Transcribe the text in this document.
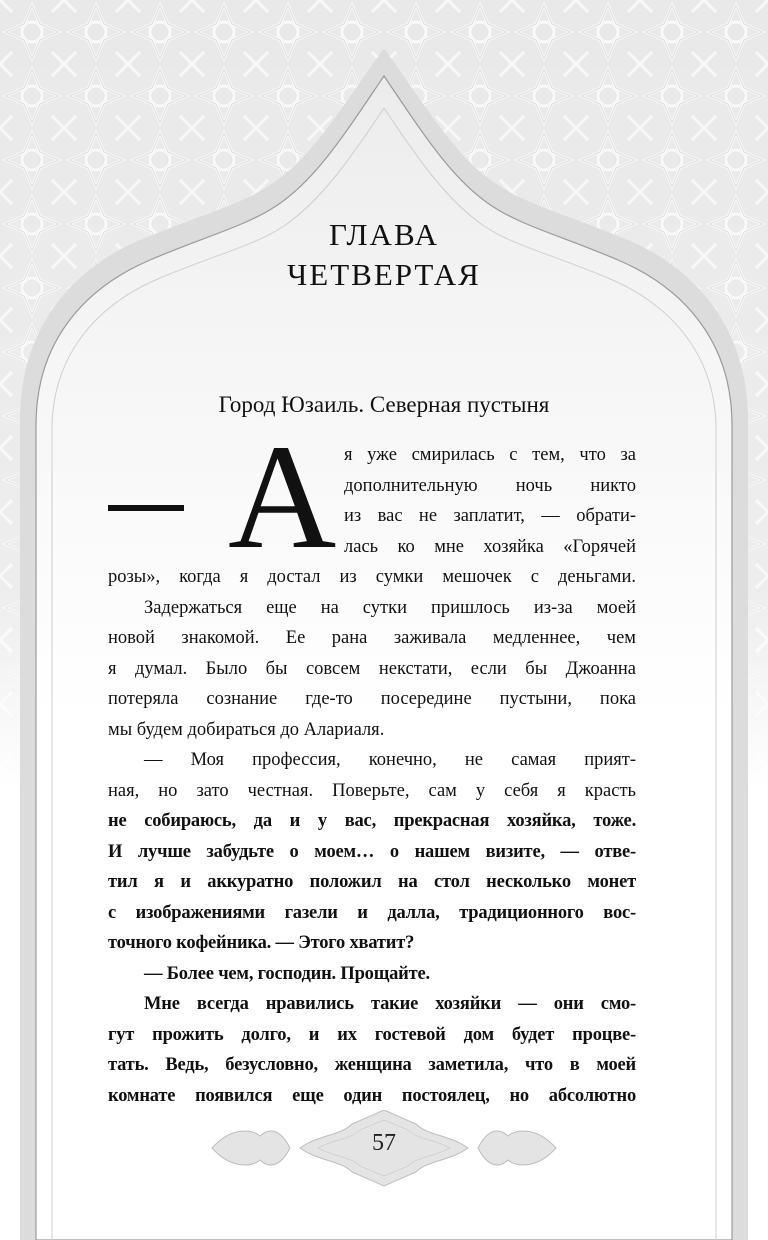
ГЛАВА
ЧЕТВЕРТАЯ
Город Юзаиль. Северная пустыня
А я уже смирилась с тем, что за
дополнительную ночь никто
из вас не заплатит, — обрати-
лась ко мне хозяйка «Горячей
розы», когда я достал из сумки мешочек с деньгами.
Задержаться еще на сутки пришлось из-за моей
новой знакомой. Ее рана заживала медленнее, чем
я думал. Было бы совсем некстати, если бы Джоанна
потеряла сознание где-то посередине пустыни, пока
мы будем добираться до Алариаля.
— Моя профессия, конечно, не самая прият-
ная, но зато честная. Поверьте, сам у себя я красть
не собираюсь, да и у вас, прекрасная хозяйка, тоже.
И лучше забудьте о моем… о нашем визите, — отве-
тил я и аккуратно положил на стол несколько монет
с изображениями газели и далла, традиционного вос-
точного кофейника. — Этого хватит?
— Более чем, господин. Прощайте.
Мне всегда нравились такие хозяйки — они смо-
гут прожить долго, и их гостевой дом будет процве-
тать. Ведь, безусловно, женщина заметила, что в моей
комнате появился еще один постоялец, но абсолютно
57
